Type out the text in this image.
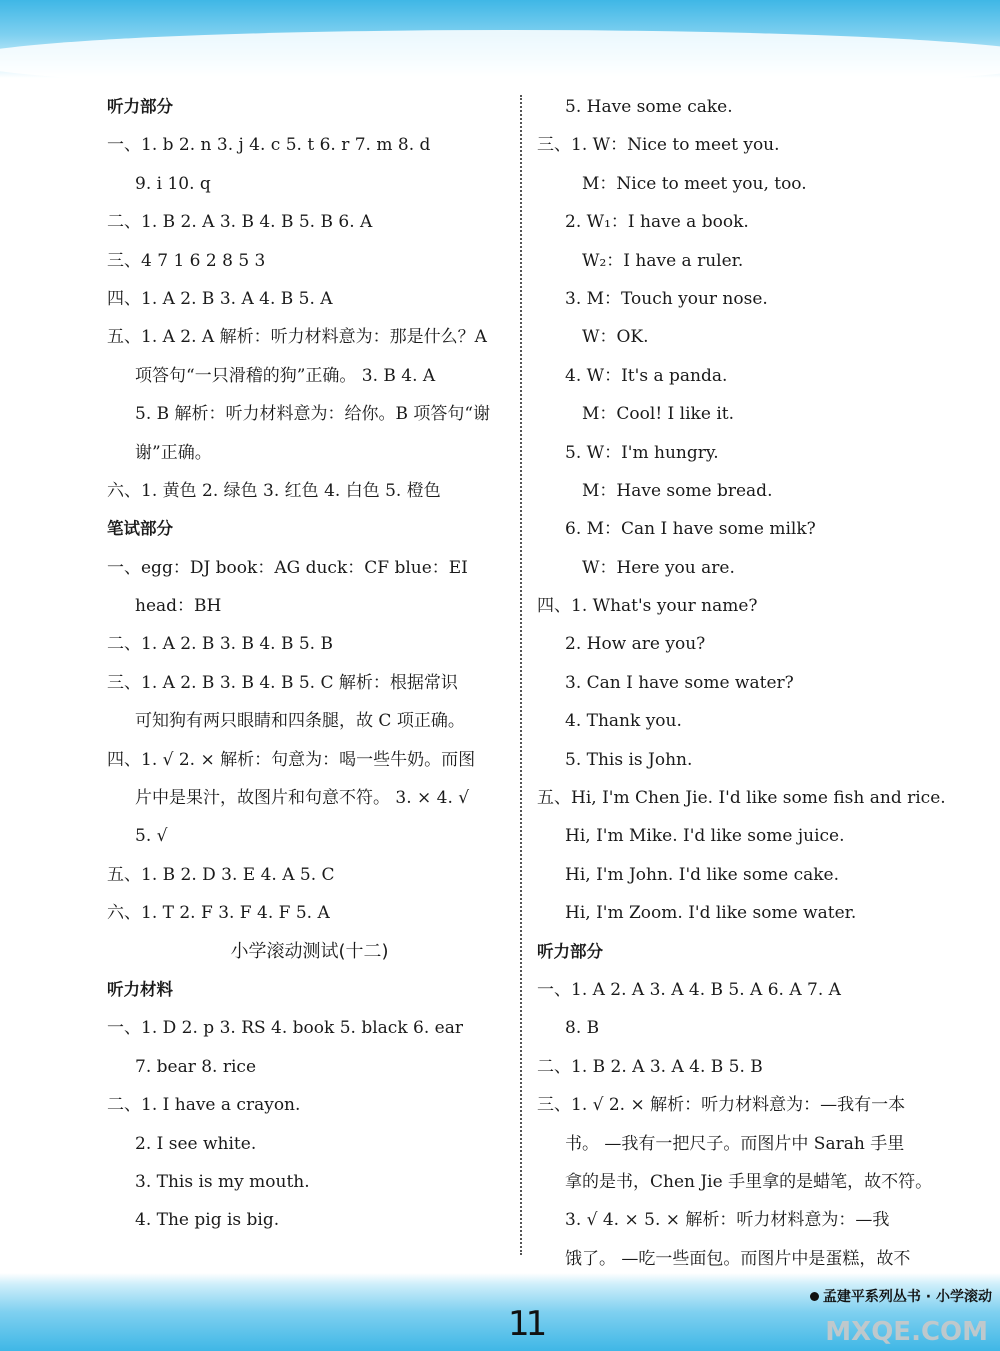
听力部分
一、1. b 2. n 3. j 4. c 5. t 6. r 7. m 8. d
9. i 10. q
二、1. B 2. A 3. B 4. B 5. B 6. A
三、4 7 1 6 2 8 5 3
四、1. A 2. B 3. A 4. B 5. A
五、1. A 2. A 解析：听力材料意为：那是什么？A
项答句“一只滑稽的狗”正确。 3. B 4. A
5. B 解析：听力材料意为：给你。B 项答句“谢
谢”正确。
六、1. 黄色 2. 绿色 3. 红色 4. 白色 5. 橙色
笔试部分
一、egg：DJ book：AG duck：CF blue：EI
head：BH
二、1. A 2. B 3. B 4. B 5. B
三、1. A 2. B 3. B 4. B 5. C 解析：根据常识
可知狗有两只眼睛和四条腿，故 C 项正确。
四、1. √ 2. × 解析：句意为：喝一些牛奶。而图
片中是果汁，故图片和句意不符。 3. × 4. √
5. √
五、1. B 2. D 3. E 4. A 5. C
六、1. T 2. F 3. F 4. F 5. A
小学滚动测试(十二)
听力材料
一、1. D 2. p 3. RS 4. book 5. black 6. ear
7. bear 8. rice
二、1. I have a crayon.
2. I see white.
3. This is my mouth.
4. The pig is big.
5. Have some cake.
三、1. W：Nice to meet you.
M：Nice to meet you, too.
2. W₁：I have a book.
W₂：I have a ruler.
3. M：Touch your nose.
W：OK.
4. W：It's a panda.
M：Cool! I like it.
5. W：I'm hungry.
M：Have some bread.
6. M：Can I have some milk?
W：Here you are.
四、1. What's your name?
2. How are you?
3. Can I have some water?
4. Thank you.
5. This is John.
五、Hi, I'm Chen Jie. I'd like some fish and rice.
Hi, I'm Mike. I'd like some juice.
Hi, I'm John. I'd like some cake.
Hi, I'm Zoom. I'd like some water.
听力部分
一、1. A 2. A 3. A 4. B 5. A 6. A 7. A
8. B
二、1. B 2. A 3. A 4. B 5. B
三、1. √ 2. × 解析：听力材料意为：—我有一本
书。 —我有一把尺子。而图片中 Sarah 手里
拿的是书，Chen Jie 手里拿的是蜡笔，故不符。
3. √ 4. × 5. × 解析：听力材料意为：—我
饿了。 —吃一些面包。而图片中是蛋糕，故不
11
孟建平系列丛书 · 小学滚动
MXQE.COM
